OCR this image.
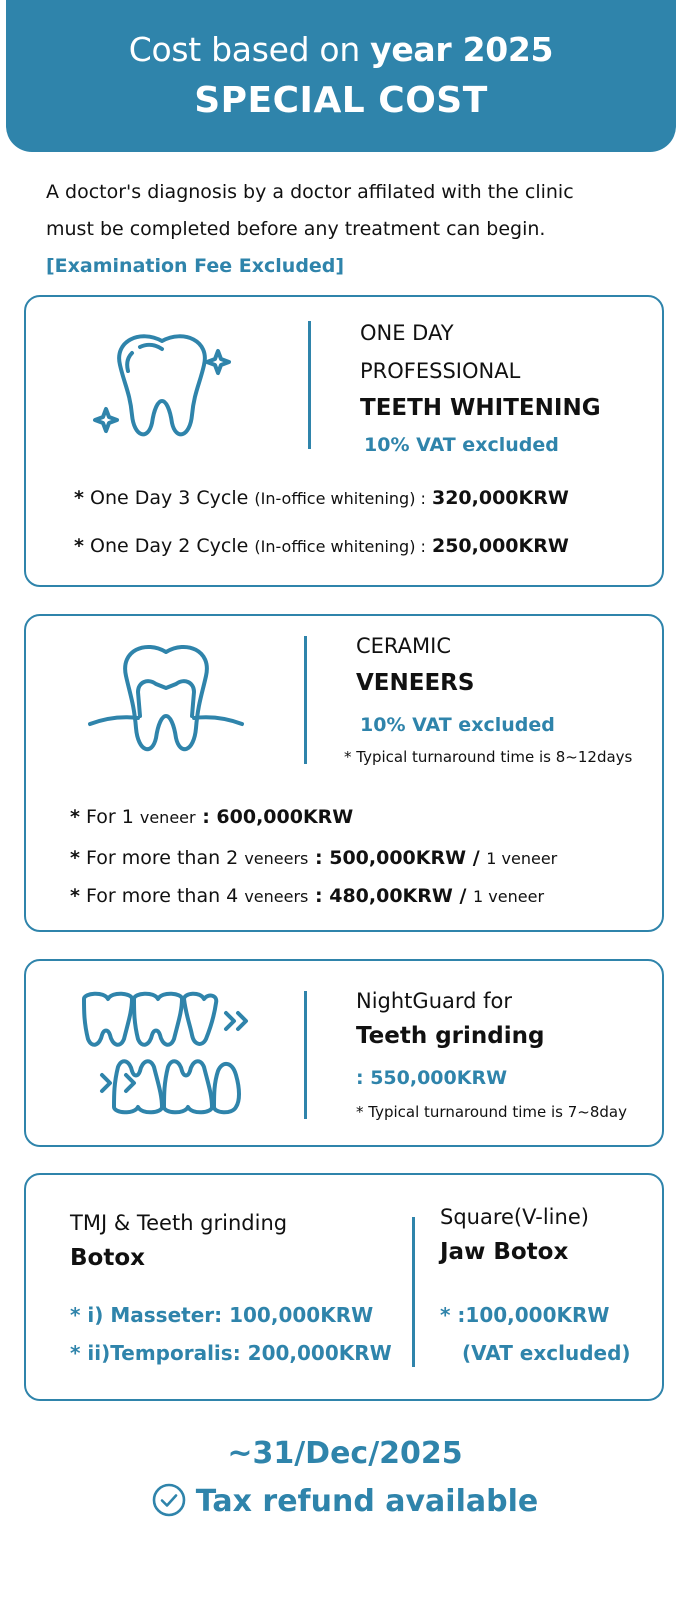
Cost based on year 2025
SPECIAL COST
A doctor's diagnosis by a doctor affilated with the clinic
must be completed before any treatment can begin.
[Examination Fee Excluded]
ONE DAY
PROFESSIONAL
TEETH WHITENING
10% VAT excluded
* One Day 3 Cycle (In-office whitening) : 320,000KRW
* One Day 2 Cycle (In-office whitening) : 250,000KRW
CERAMIC
VENEERS
10% VAT excluded
* Typical turnaround time is 8~12days
* For 1 veneer : 600,000KRW
* For more than 2 veneers : 500,000KRW / 1 veneer
* For more than 4 veneers : 480,00KRW / 1 veneer
NightGuard for
Teeth grinding
: 550,000KRW
* Typical turnaround time is 7~8day
TMJ & Teeth grinding
Botox
* i) Masseter: 100,000KRW
* ii)Temporalis: 200,000KRW
Square(V-line)
Jaw Botox
* :100,000KRW
(VAT excluded)
~31/Dec/2025
Tax refund available
